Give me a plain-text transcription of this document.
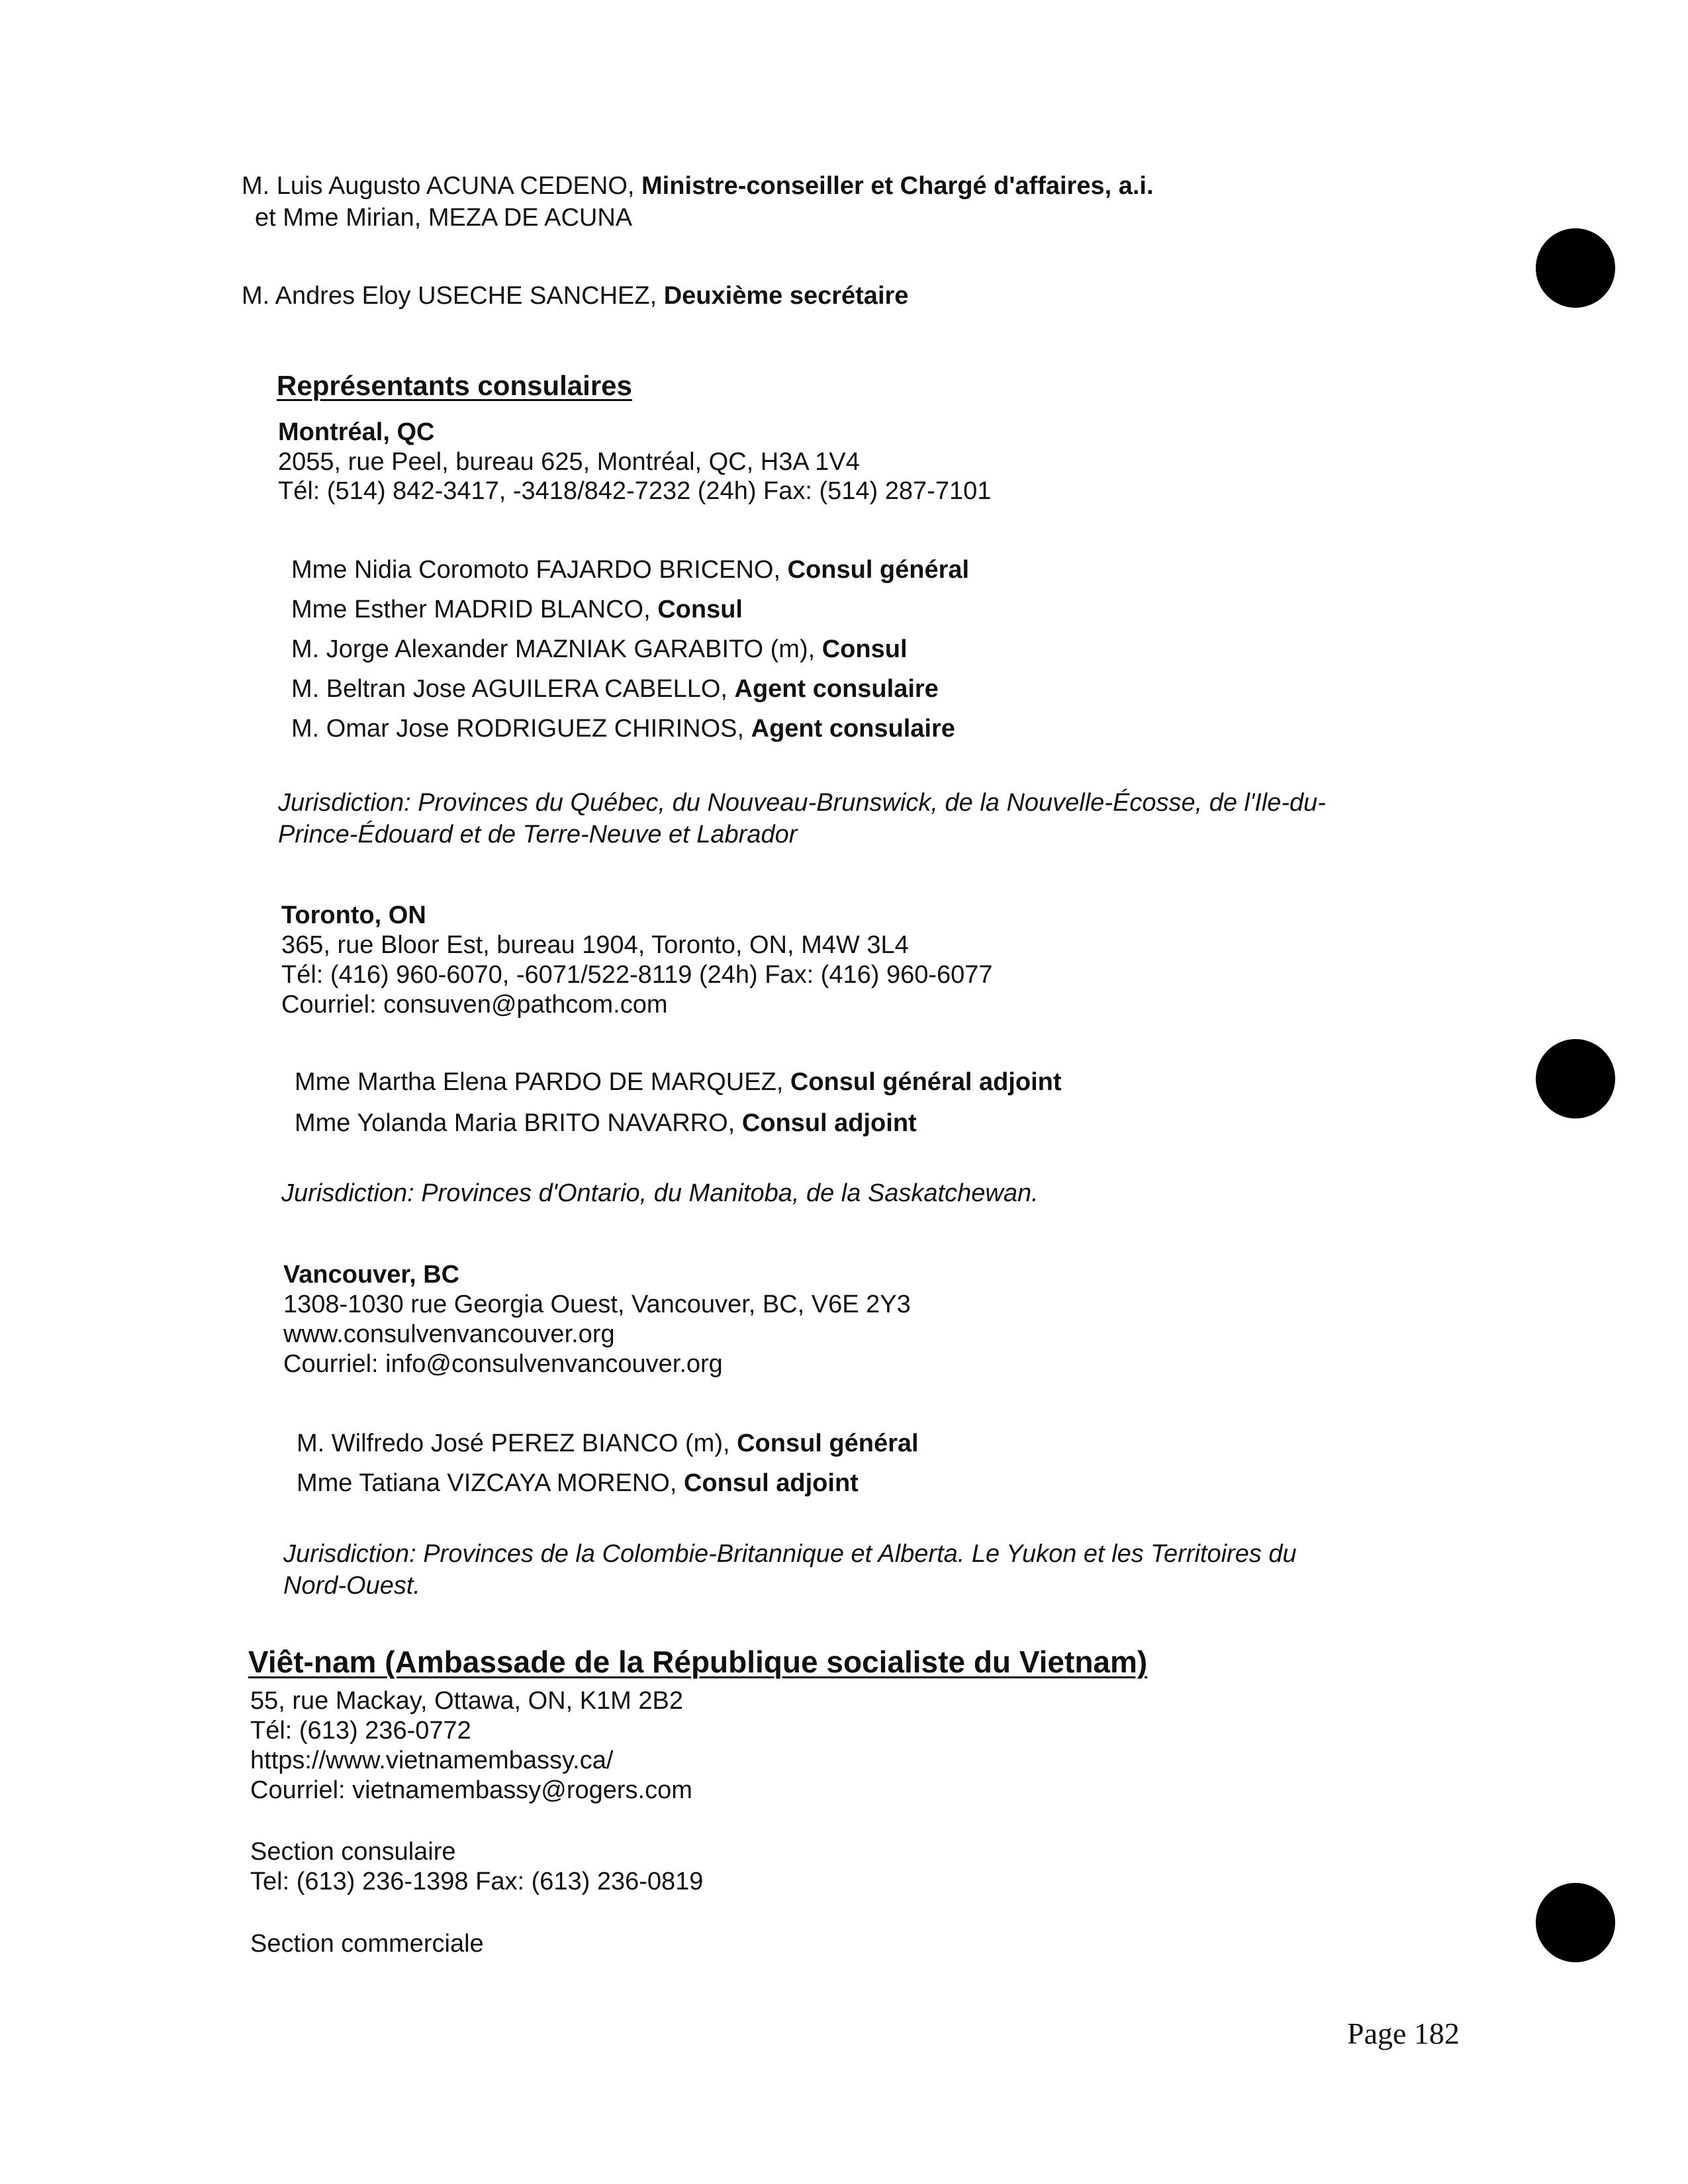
M. Luis Augusto ACUNA CEDENO, Ministre-conseiller et Chargé d'affaires, a.i.
et Mme Mirian, MEZA DE ACUNA
M. Andres Eloy USECHE SANCHEZ, Deuxième secrétaire
Représentants consulaires
Montréal, QC
2055, rue Peel, bureau 625, Montréal, QC, H3A 1V4
Tél: (514) 842-3417, -3418/842-7232 (24h) Fax: (514) 287-7101
Mme Nidia Coromoto FAJARDO BRICENO, Consul général
Mme Esther MADRID BLANCO, Consul
M. Jorge Alexander MAZNIAK GARABITO (m), Consul
M. Beltran Jose AGUILERA CABELLO, Agent consulaire
M. Omar Jose RODRIGUEZ CHIRINOS, Agent consulaire
Jurisdiction: Provinces du Québec, du Nouveau-Brunswick, de la Nouvelle-Écosse, de l'Ile-du-
Prince-Édouard et de Terre-Neuve et Labrador
Toronto, ON
365, rue Bloor Est, bureau 1904, Toronto, ON, M4W 3L4
Tél: (416) 960-6070, -6071/522-8119 (24h) Fax: (416) 960-6077
Courriel: consuven@pathcom.com
Mme Martha Elena PARDO DE MARQUEZ, Consul général adjoint
Mme Yolanda Maria BRITO NAVARRO, Consul adjoint
Jurisdiction: Provinces d'Ontario, du Manitoba, de la Saskatchewan.
Vancouver, BC
1308-1030 rue Georgia Ouest, Vancouver, BC, V6E 2Y3
www.consulvenvancouver.org
Courriel: info@consulvenvancouver.org
M. Wilfredo José PEREZ BIANCO (m), Consul général
Mme Tatiana VIZCAYA MORENO, Consul adjoint
Jurisdiction: Provinces de la Colombie-Britannique et Alberta. Le Yukon et les Territoires du
Nord-Ouest.
Viêt-nam (Ambassade de la République socialiste du Vietnam)
55, rue Mackay, Ottawa, ON, K1M 2B2
Tél: (613) 236-0772
https://www.vietnamembassy.ca/
Courriel: vietnamembassy@rogers.com
Section consulaire
Tel: (613) 236-1398 Fax: (613) 236-0819
Section commerciale
Page 182
